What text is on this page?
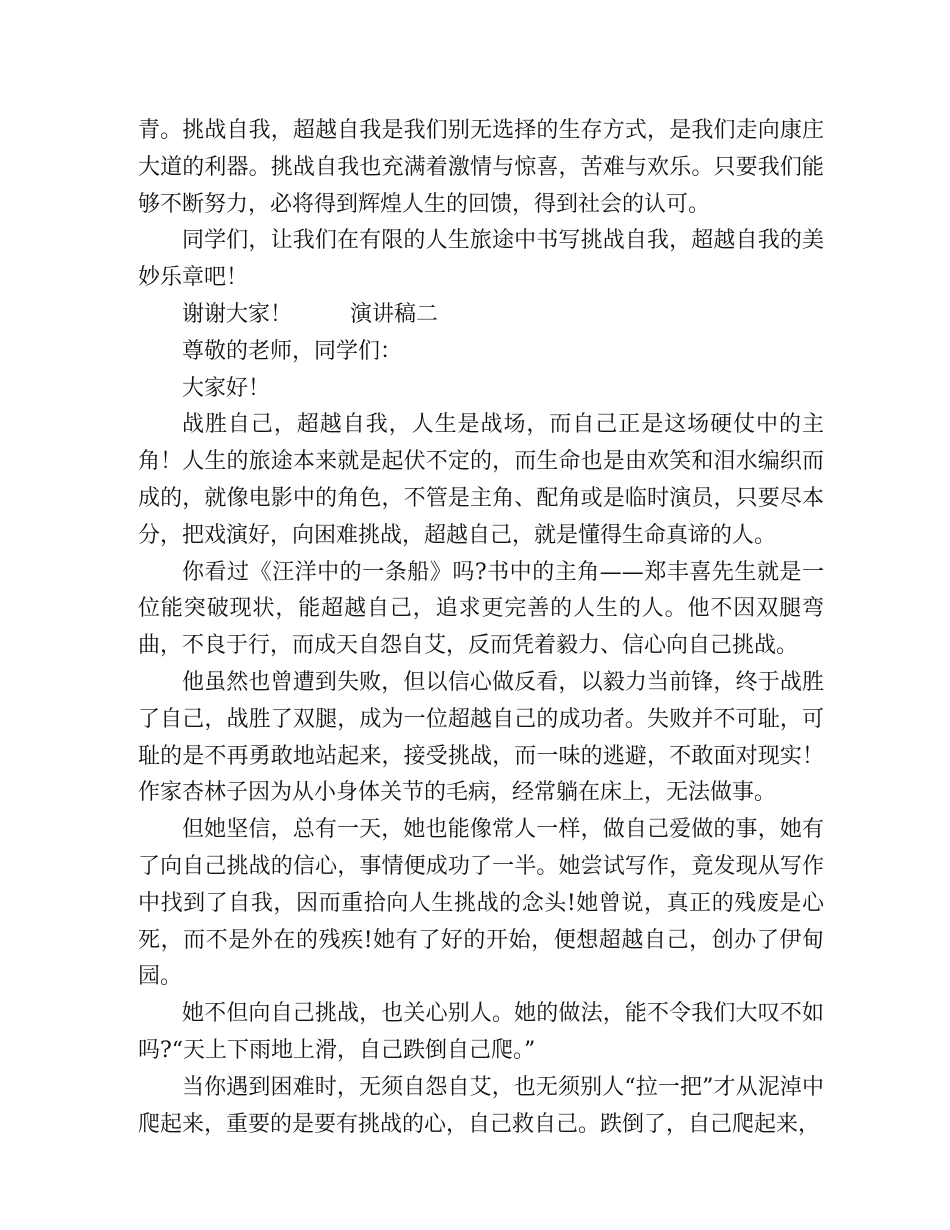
青。挑战自我，超越自我是我们别无选择的生存方式，是我们走向康庄大道的利器。挑战自我也充满着激情与惊喜，苦难与欢乐。只要我们能够不断努力，必将得到辉煌人生的回馈，得到社会的认可。

同学们，让我们在有限的人生旅途中书写挑战自我，超越自我的美妙乐章吧！

谢谢大家！	演讲稿二

尊敬的老师，同学们：

大家好！

战胜自己，超越自我，人生是战场，而自己正是这场硬仗中的主角！人生的旅途本来就是起伏不定的，而生命也是由欢笑和泪水编织而成的，就像电影中的角色，不管是主角、配角或是临时演员，只要尽本分，把戏演好，向困难挑战，超越自己，就是懂得生命真谛的人。

你看过《汪洋中的一条船》吗?书中的主角——郑丰喜先生就是一位能突破现状，能超越自己，追求更完善的人生的人。他不因双腿弯曲，不良于行，而成天自怨自艾，反而凭着毅力、信心向自己挑战。

他虽然也曾遭到失败，但以信心做反看，以毅力当前锋，终于战胜了自己，战胜了双腿，成为一位超越自己的成功者。失败并不可耻，可耻的是不再勇敢地站起来，接受挑战，而一味的逃避，不敢面对现实！作家杏林子因为从小身体关节的毛病，经常躺在床上，无法做事。

但她坚信，总有一天，她也能像常人一样，做自己爱做的事，她有了向自己挑战的信心，事情便成功了一半。她尝试写作，竟发现从写作中找到了自我，因而重拾向人生挑战的念头!她曾说，真正的残废是心死，而不是外在的残疾!她有了好的开始，便想超越自己，创办了伊甸园。

她不但向自己挑战，也关心别人。她的做法，能不令我们大叹不如吗?“天上下雨地上滑，自己跌倒自己爬。”

当你遇到困难时，无须自怨自艾，也无须别人“拉一把”才从泥淖中爬起来，重要的是要有挑战的心，自己救自己。跌倒了，自己爬起来，
